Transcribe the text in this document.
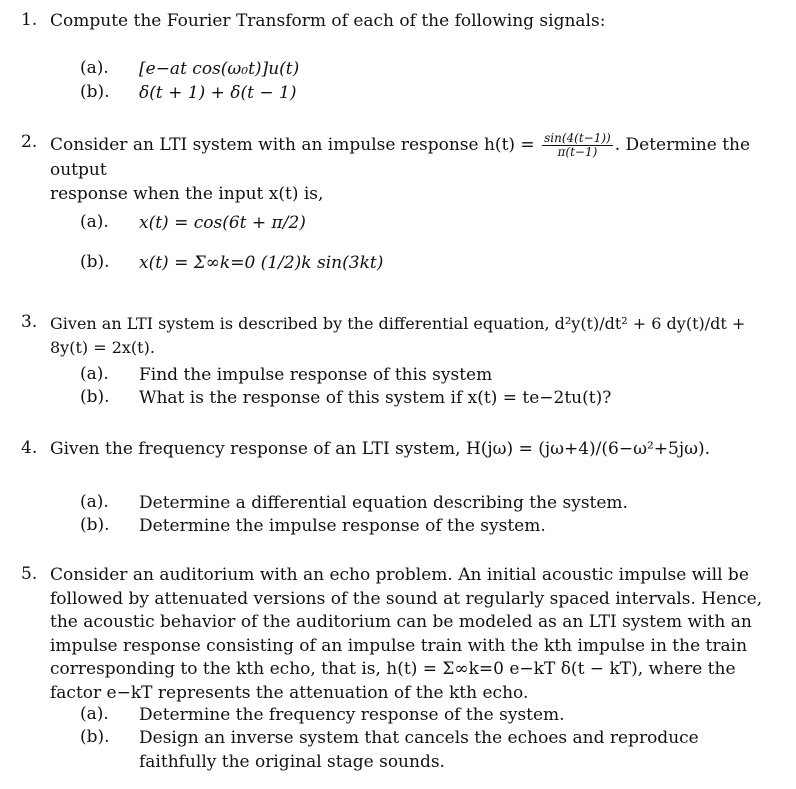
1. Compute the Fourier Transform of each of the following signals:
(a). [e−at cos(ω₀t)]u(t)
(b). δ(t + 1) + δ(t − 1)
2. Consider an LTI system with an impulse response $h(t) = \frac{\sin(4(t-1))}{\pi(t-1)}$ . Determine the output
response when the input x(t) is,
(a). x(t) = cos(6t + π/2)
(b). x(t) = Σ∞k=0 (1/2)k sin(3kt)
3. Given an LTI system is described by the differential equation, d²y(t)/dt² + 6 dy(t)/dt + 8y(t) = 2x(t).
(a). Find the impulse response of this system
(b). What is the response of this system if x(t) = te−2tu(t)?
4. Given the frequency response of an LTI system, H(jω) = (jω+4)/(6−ω²+5jω).
(a). Determine a differential equation describing the system.
(b). Determine the impulse response of the system.
5. Consider an auditorium with an echo problem. An initial acoustic impulse will be followed by attenuated versions of the sound at regularly spaced intervals. Hence, the acoustic behavior of the auditorium can be modeled as an LTI system with an impulse response consisting of an impulse train with the kth impulse in the train corresponding to the kth echo, that is, h(t) = Σ∞k=0 e−kT δ(t − kT), where the factor e−kT represents the attenuation of the kth echo.
(a). Determine the frequency response of the system.
(b). Design an inverse system that cancels the echoes and reproduce faithfully the original stage sounds.
